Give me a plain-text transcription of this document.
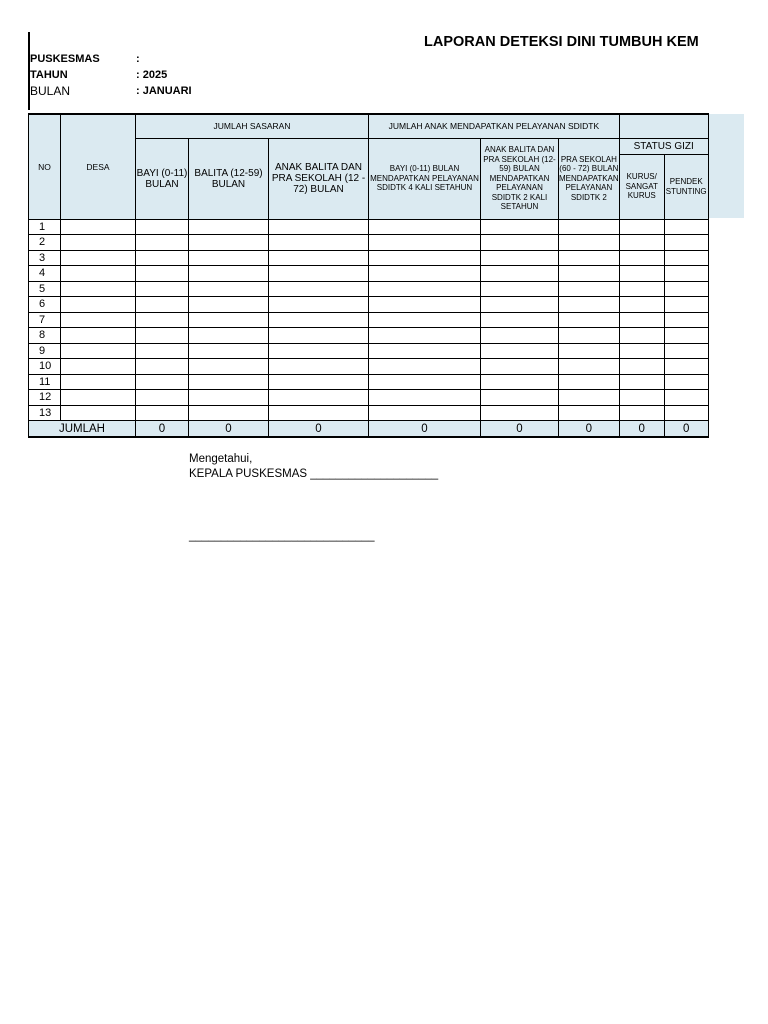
LAPORAN DETEKSI DINI TUMBUH KEM
PUSKESMAS	:
TAHUN	: 2025
BULAN	: JANUARI
NO	DESA	JUMLAH SASARAN			JUMLAH ANAK MENDAPATKAN PELAYANAN SDIDTK				
		BAYI (0-11) BULAN	BALITA (12-59) BULAN	ANAK BALITA DAN PRA SEKOLAH (12 - 72) BULAN	BAYI (0-11) BULAN MENDAPATKAN PELAYANAN SDIDTK 4 KALI SETAHUN	ANAK BALITA DAN PRA SEKOLAH (12-59) BULAN MENDAPATKAN PELAYANAN SDIDTK 2 KALI SETAHUN	PRA SEKOLAH (60 - 72) BULAN MENDAPATKAN PELAYANAN SDIDTK 2	STATUS GIZI	
								KURUS/ SANGAT KURUS	PENDEK STUNTING
1									
2									
3									
4									
5									
6									
7									
8									
9									
10									
11									
12									
13									
JUMLAH		0	0	0	0	0	0	0	0
Mengetahui,
KEPALA PUSKESMAS ____________________
_____________________________
